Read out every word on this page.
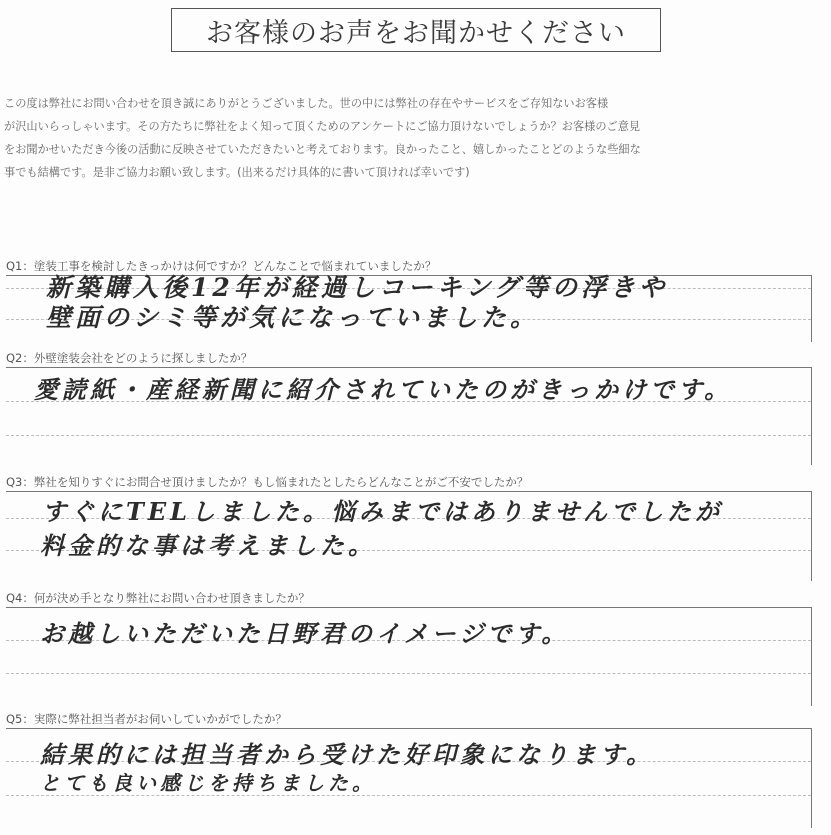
お客様のお声をお聞かせください
この度は弊社にお問い合わせを頂き誠にありがとうございました。世の中には弊社の存在やサービスをご存知ないお客様
が沢山いらっしゃいます。その方たちに弊社をよく知って頂くためのアンケートにご協力頂けないでしょうか？お客様のご意見
をお聞かせいただき今後の活動に反映させていただきたいと考えております。良かったこと、嬉しかったことどのような些細な
事でも結構です。是非ご協力お願い致します。(出来るだけ具体的に書いて頂ければ幸いです)
Q1：塗装工事を検討したきっかけは何ですか？どんなことで悩まれていましたか？
新築購入後12年が経過しコーキング等の浮きや
壁面のシミ等が気になっていました。
Q2：外壁塗装会社をどのように探しましたか？
愛読紙・産経新聞に紹介されていたのがきっかけです。
Q3：弊社を知りすぐにお問合せ頂けましたか？もし悩まれたとしたらどんなことがご不安でしたか？
すぐにTELしました。悩みまではありませんでしたが
料金的な事は考えました。
Q4：何が決め手となり弊社にお問い合わせ頂きましたか？
お越しいただいた日野君のイメージです。
Q5：実際に弊社担当者がお伺いしていかがでしたか？
結果的には担当者から受けた好印象になります。
とても良い感じを持ちました。
